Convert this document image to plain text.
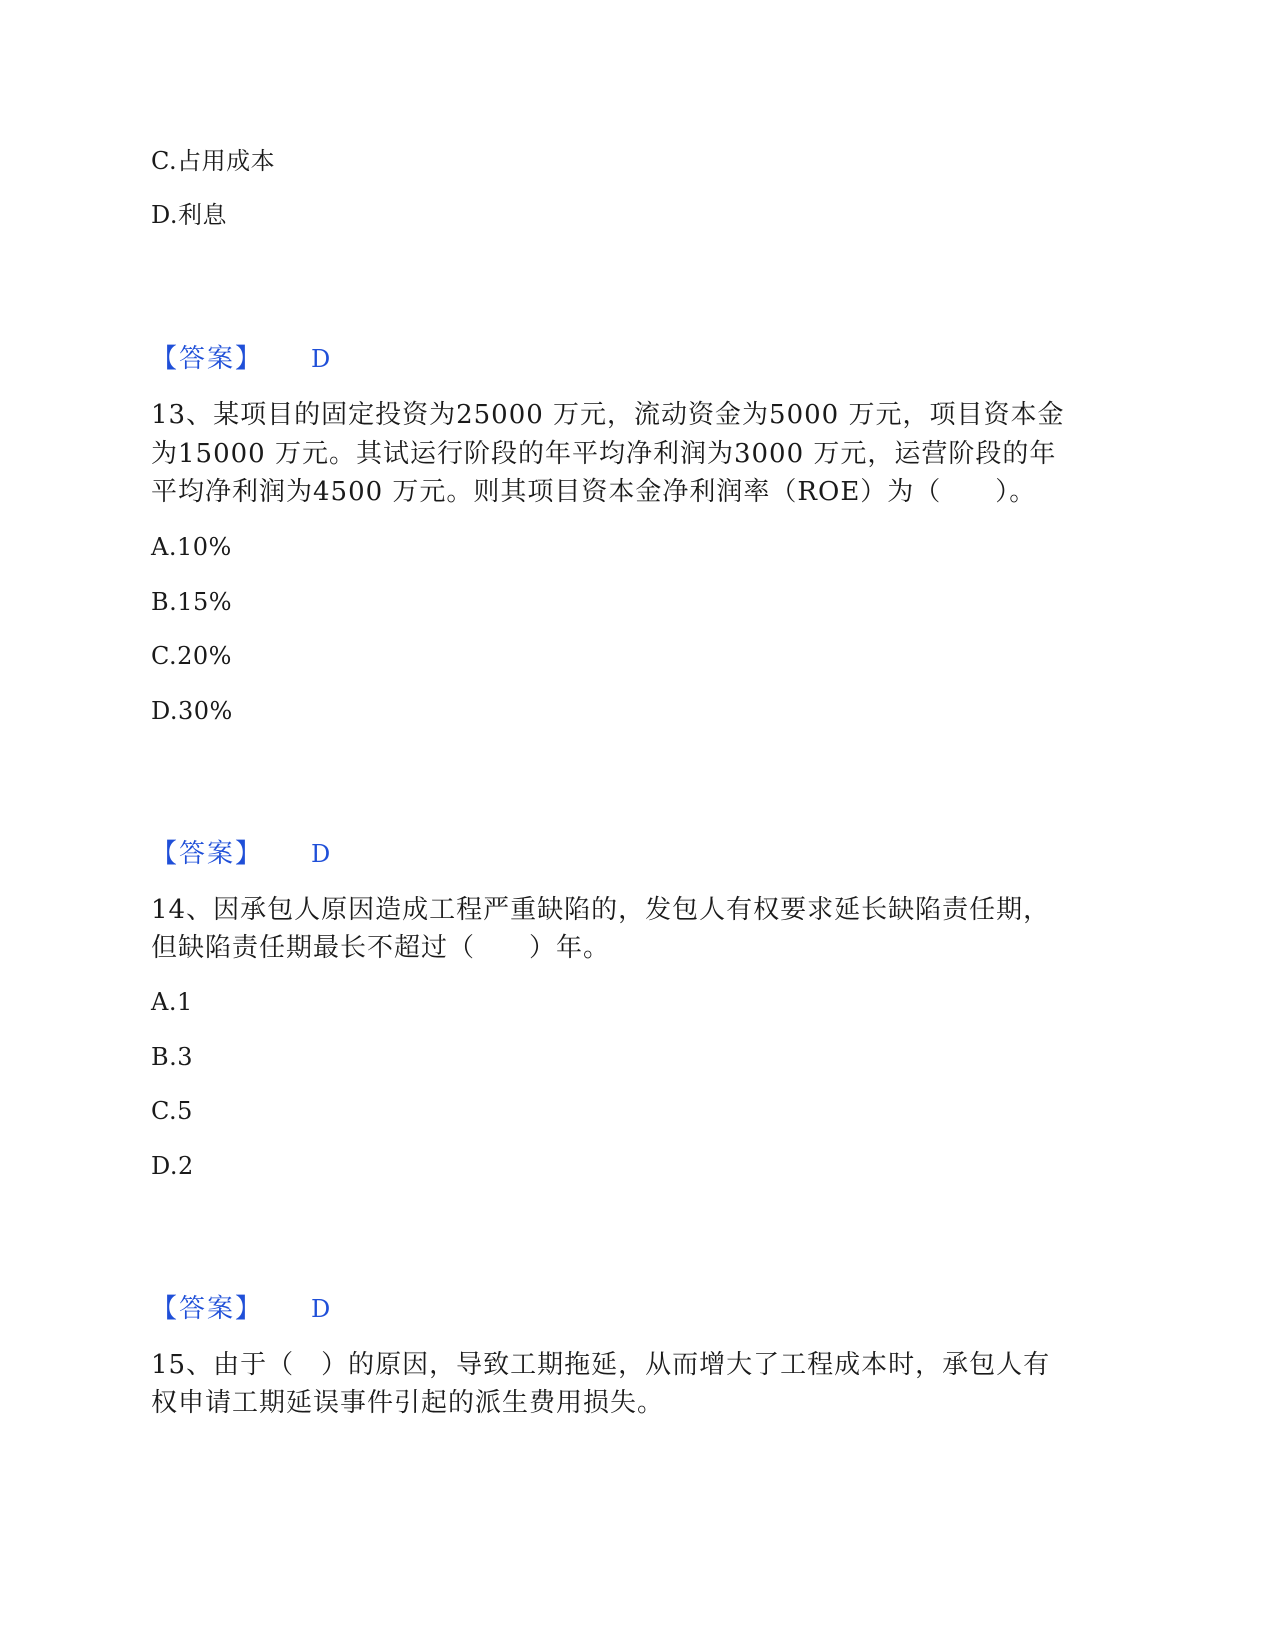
C.占用成本
D.利息
【答案】 D
13、某项目的固定投资为25000 万元，流动资金为5000 万元，项目资本金
为15000 万元。其试运行阶段的年平均净利润为3000 万元，运营阶段的年
平均净利润为4500 万元。则其项目资本金净利润率（ROE）为（　　）。
A.10%
B.15%
C.20%
D.30%
【答案】 D
14、因承包人原因造成工程严重缺陷的，发包人有权要求延长缺陷责任期，
但缺陷责任期最长不超过（　　）年。
A.1
B.3
C.5
D.2
【答案】 D
15、由于（　）的原因，导致工期拖延，从而增大了工程成本时，承包人有
权申请工期延误事件引起的派生费用损失。
